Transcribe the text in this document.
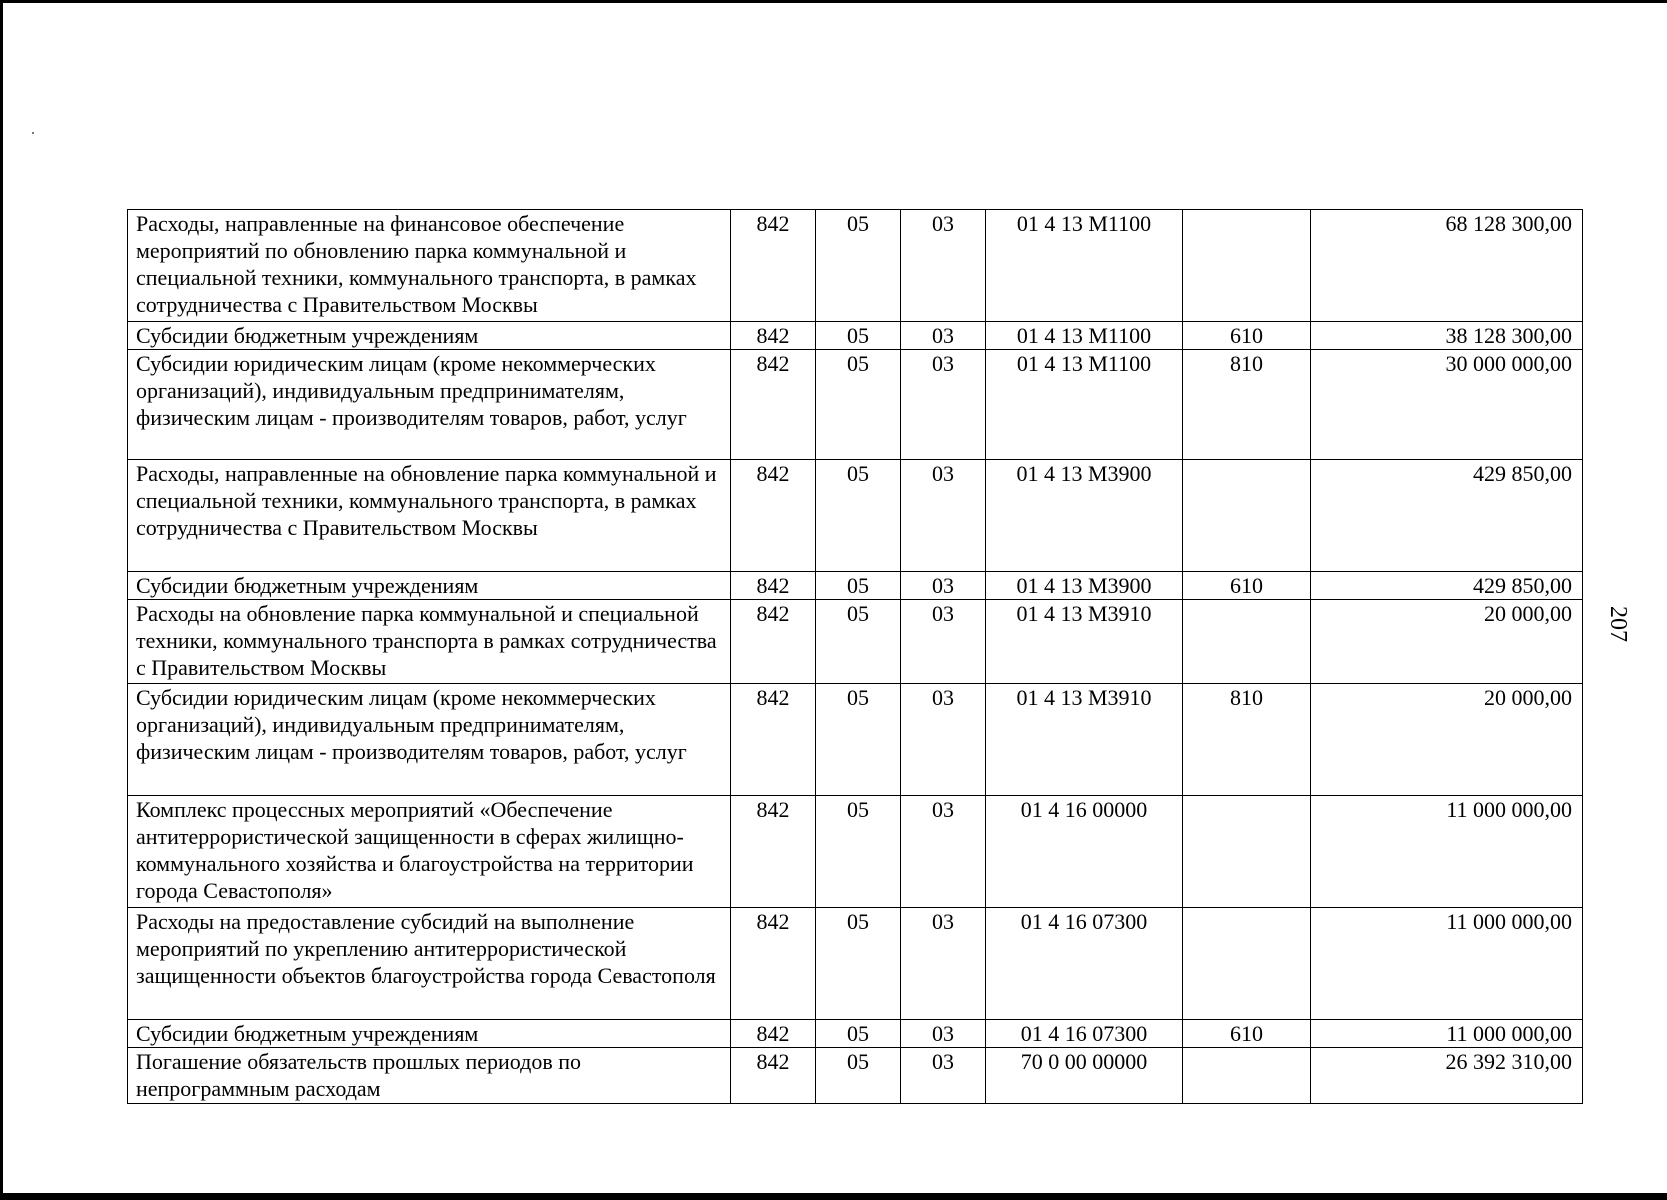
207
Расходы, направленные на финансовое обеспечение мероприятий по обновлению парка коммунальной и специальной техники, коммунального транспорта, в рамках сотрудничества с Правительством Москвы	842	05	03	01 4 13 M1100		68 128 300,00
Субсидии бюджетным учреждениям	842	05	03	01 4 13 M1100	610	38 128 300,00
Субсидии юридическим лицам (кроме некоммерческих организаций), индивидуальным предпринимателям, физическим лицам - производителям товаров, работ, услуг	842	05	03	01 4 13 M1100	810	30 000 000,00
Расходы, направленные на обновление парка коммунальной и специальной техники, коммунального транспорта, в рамках сотрудничества с Правительством Москвы	842	05	03	01 4 13 M3900		429 850,00
Субсидии бюджетным учреждениям	842	05	03	01 4 13 M3900	610	429 850,00
Расходы на обновление парка коммунальной и специальной техники, коммунального транспорта в рамках сотрудничества с Правительством Москвы	842	05	03	01 4 13 M3910		20 000,00
Субсидии юридическим лицам (кроме некоммерческих организаций), индивидуальным предпринимателям, физическим лицам - производителям товаров, работ, услуг	842	05	03	01 4 13 M3910	810	20 000,00
Комплекс процессных мероприятий «Обеспечение антитеррористической защищенности в сферах жилищно-коммунального хозяйства и благоустройства на территории города Севастополя»	842	05	03	01 4 16 00000		11 000 000,00
Расходы на предоставление субсидий на выполнение мероприятий по укреплению антитеррористической защищенности объектов благоустройства города Севастополя	842	05	03	01 4 16 07300		11 000 000,00
Субсидии бюджетным учреждениям	842	05	03	01 4 16 07300	610	11 000 000,00
Погашение обязательств прошлых периодов по непрограммным расходам	842	05	03	70 0 00 00000		26 392 310,00
